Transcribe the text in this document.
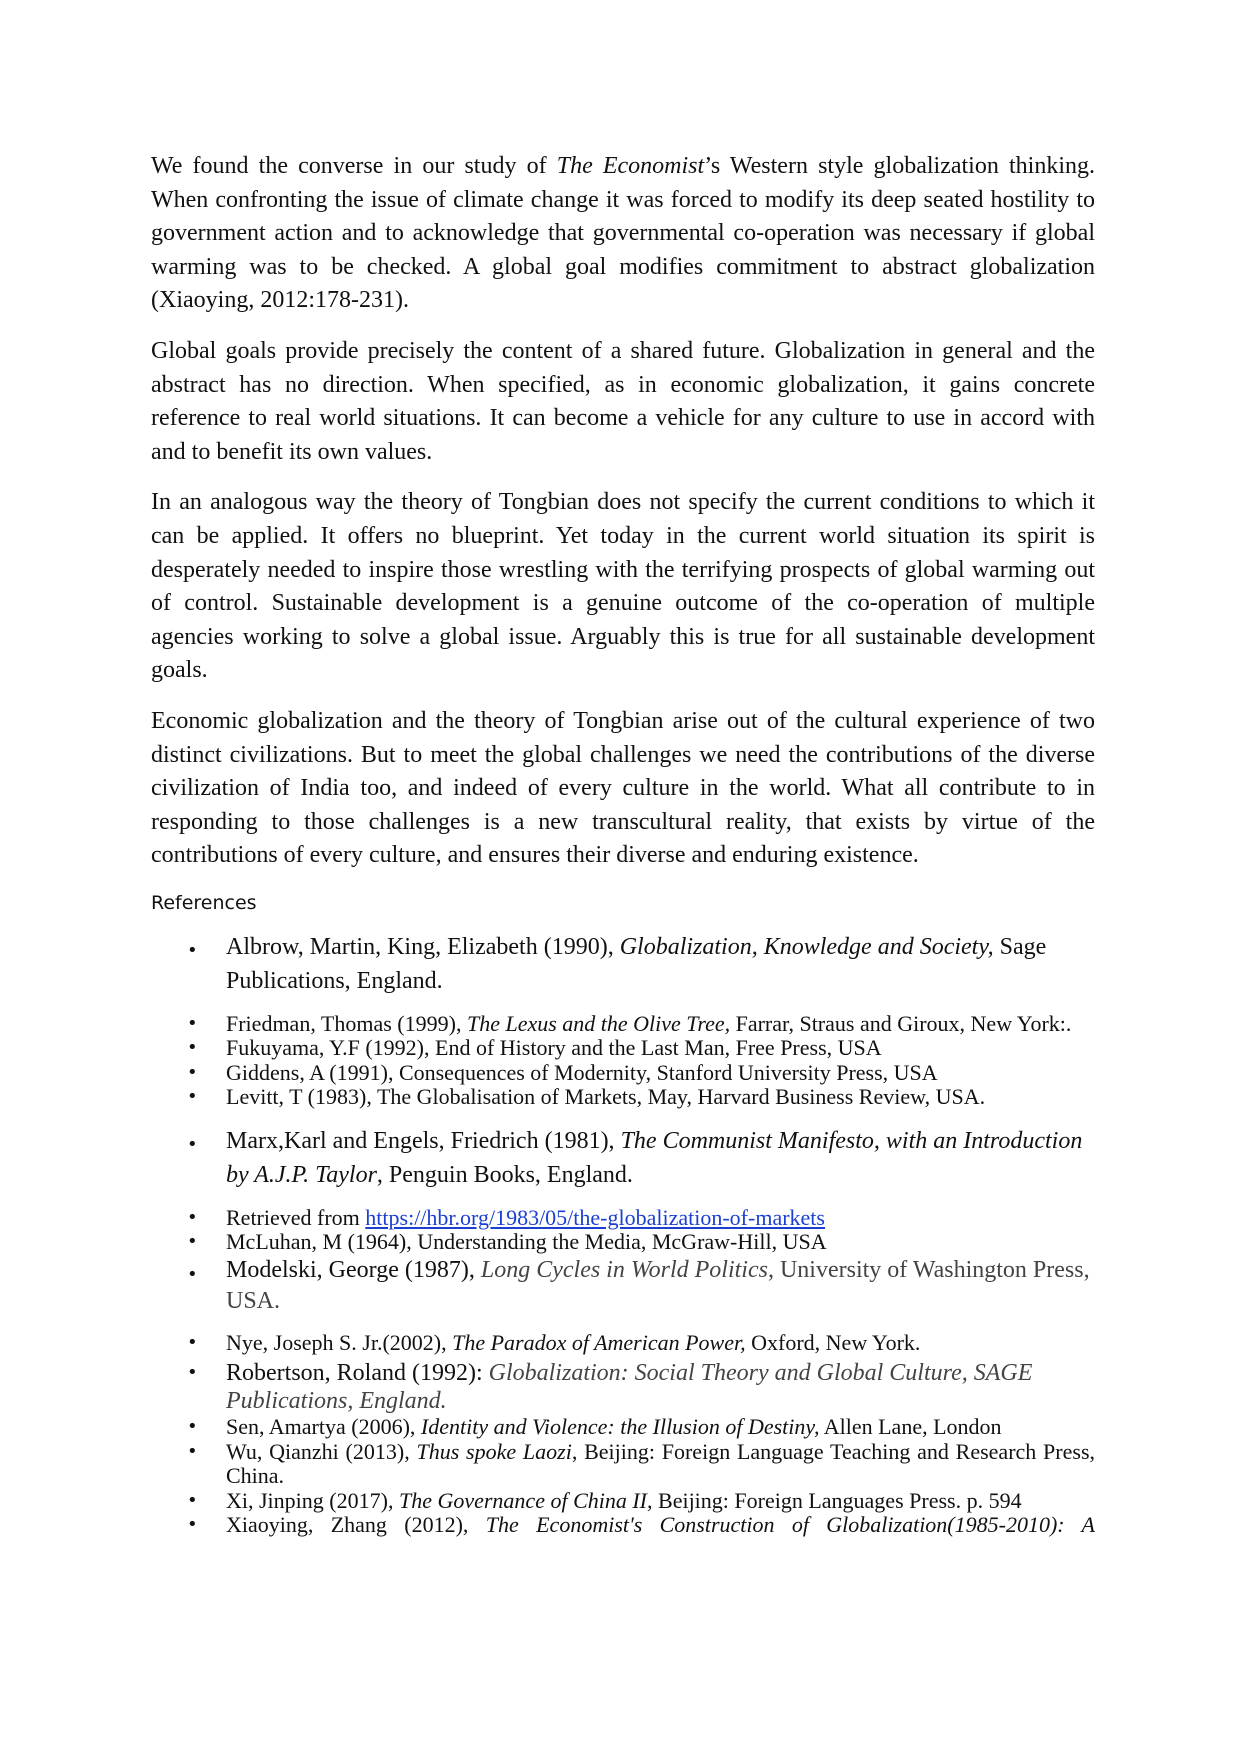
We found the converse in our study of The Economist’s Western style globalization thinking. When confronting the issue of climate change it was forced to modify its deep seated hostility to government action and to acknowledge that governmental co-operation was necessary if global warming was to be checked. A global goal modifies commitment to abstract globalization (Xiaoying, 2012:178-231).

Global goals provide precisely the content of a shared future. Globalization in general and the abstract has no direction. When specified, as in economic globalization, it gains concrete reference to real world situations. It can become a vehicle for any culture to use in accord with and to benefit its own values.

In an analogous way the theory of Tongbian does not specify the current conditions to which it can be applied. It offers no blueprint. Yet today in the current world situation its spirit is desperately needed to inspire those wrestling with the terrifying prospects of global warming out of control. Sustainable development is a genuine outcome of the co-operation of multiple agencies working to solve a global issue. Arguably this is true for all sustainable development goals.

Economic globalization and the theory of Tongbian arise out of the cultural experience of two distinct civilizations. But to meet the global challenges we need the contributions of the diverse civilization of India too, and indeed of every culture in the world. What all contribute to in responding to those challenges is a new transcultural reality, that exists by virtue of the contributions of every culture, and ensures their diverse and enduring existence.

References
• Albrow, Martin, King, Elizabeth (1990), Globalization, Knowledge and Society, Sage Publications, England.
• Friedman, Thomas (1999), The Lexus and the Olive Tree, Farrar, Straus and Giroux, New York:.
• Fukuyama, Y.F (1992), End of History and the Last Man, Free Press, USA
• Giddens, A (1991), Consequences of Modernity, Stanford University Press, USA
• Levitt, T (1983), The Globalisation of Markets, May, Harvard Business Review, USA.
• Marx,Karl and Engels, Friedrich (1981), The Communist Manifesto, with an Introduction by A.J.P. Taylor, Penguin Books, England.
• Retrieved from https://hbr.org/1983/05/the-globalization-of-markets
• McLuhan, M (1964), Understanding the Media, McGraw-Hill, USA
• Modelski, George (1987), Long Cycles in World Politics, University of Washington Press, USA.
• Nye, Joseph S. Jr.(2002), The Paradox of American Power, Oxford, New York.
• Robertson, Roland (1992): Globalization: Social Theory and Global Culture, SAGE Publications, England.
• Sen, Amartya (2006), Identity and Violence: the Illusion of Destiny, Allen Lane, London
• Wu, Qianzhi (2013), Thus spoke Laozi, Beijing: Foreign Language Teaching and Research Press, China.
• Xi, Jinping (2017), The Governance of China II, Beijing: Foreign Languages Press. p. 594
• Xiaoying, Zhang (2012), The Economist's Construction of Globalization(1985-2010): A
